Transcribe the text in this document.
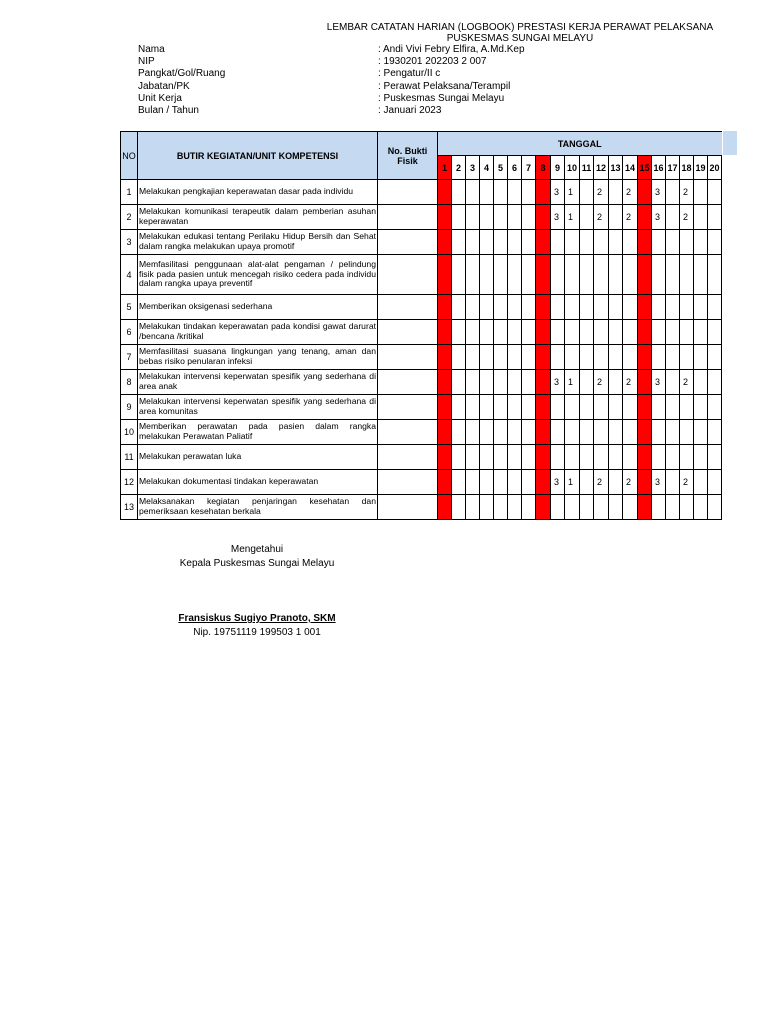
LEMBAR CATATAN HARIAN (LOGBOOK) PRESTASI KERJA PERAWAT PELAKSANA
PUSKESMAS SUNGAI MELAYU
Nama	: Andi Vivi Febry Elfira, A.Md.Kep
NIP	: 1930201 202203 2 007
Pangkat/Gol/Ruang	: Pengatur/II c
Jabatan/PK	: Perawat Pelaksana/Terampil
Unit Kerja	: Puskesmas Sungai Melayu
Bulan / Tahun	: Januari 2023
NO	BUTIR KEGIATAN/UNIT KOMPETENSI	No. Bukti Fisik	TANGGAL																			
			1	2	3	4	5	6	7	8	9	10	11	12	13	14	15	16	17	18	19	20
1	Melakukan pengkajian keperawatan dasar pada individu										3	1		2		2		3		2		
2	Melakukan komunikasi terapeutik dalam pemberian asuhan keperawatan										3	1		2		2		3		2		
3	Melakukan edukasi tentang Perilaku Hidup Bersih dan Sehat dalam rangka melakukan upaya promotif																					
4	Memfasilitasi penggunaan alat-alat pengaman / pelindung fisik pada pasien untuk mencegah risiko cedera pada individu dalam rangka upaya preventif																					
5	Memberikan oksigenasi sederhana																					
6	Melakukan tindakan keperawatan pada kondisi gawat darurat /bencana /kritikal																					
7	Memfasilitasi suasana lingkungan yang tenang, aman dan bebas risiko penularan infeksi																					
8	Melakukan intervensi keperwatan spesifik yang sederhana di area anak										3	1		2		2		3		2		
9	Melakukan intervensi keperwatan spesifik yang sederhana di area komunitas																					
10	Memberikan perawatan pada pasien dalam rangka melakukan Perawatan Paliatif																					
11	Melakukan perawatan luka																					
12	Melakukan dokumentasi tindakan keperawatan										3	1		2		2		3		2		
13	Melaksanakan kegiatan penjaringan kesehatan dan pemeriksaan kesehatan berkala																					
Mengetahui
Kepala Puskesmas Sungai Melayu
Fransiskus Sugiyo Pranoto, SKM
Nip. 19751119 199503 1 001
